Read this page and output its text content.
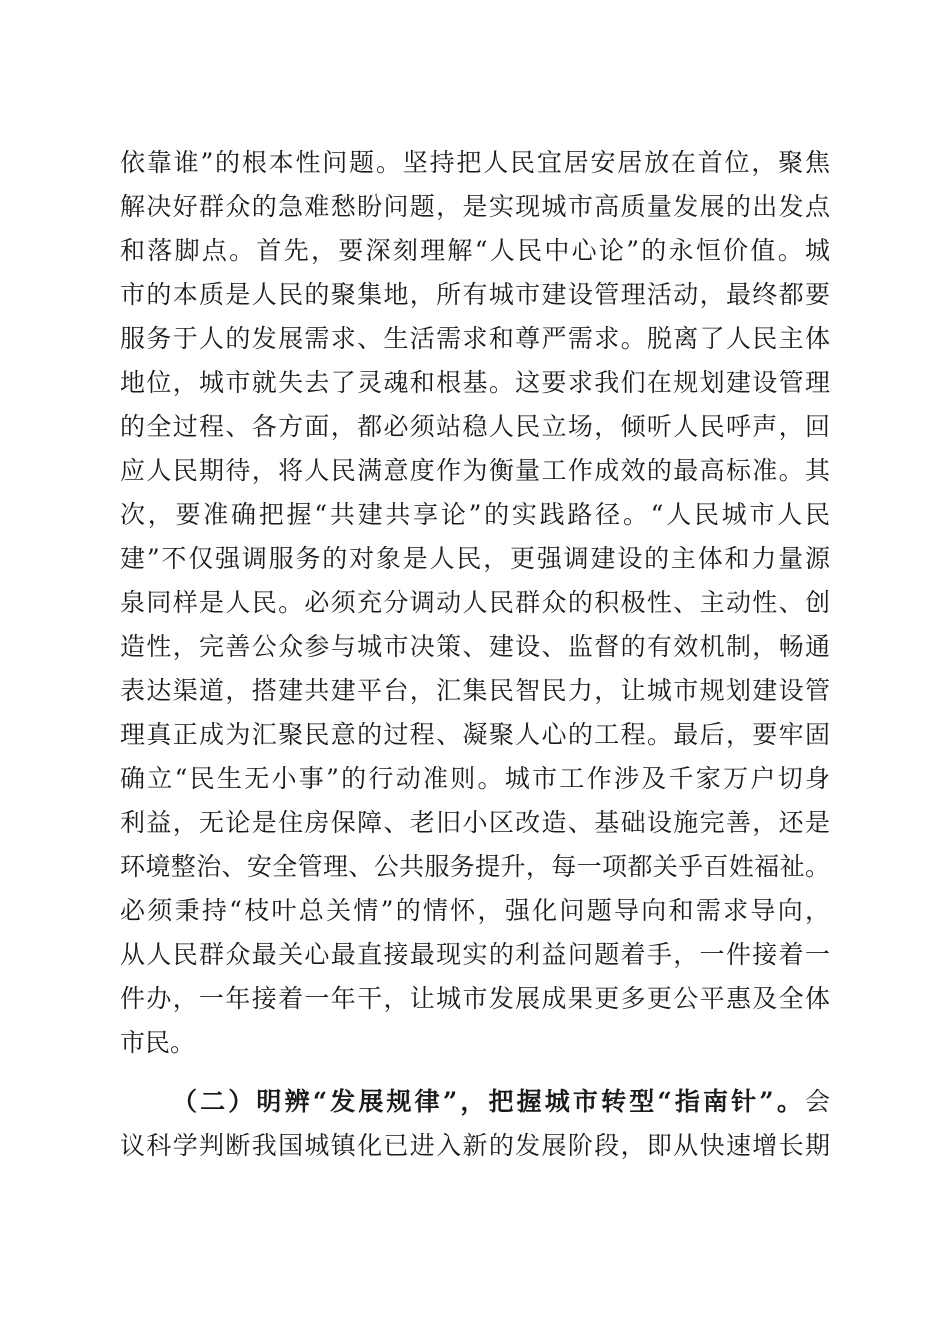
依靠谁”的根本性问题。坚持把人民宜居安居放在首位，聚焦
解决好群众的急难愁盼问题，是实现城市高质量发展的出发点
和落脚点。首先，要深刻理解“人民中心论”的永恒价值。城
市的本质是人民的聚集地，所有城市建设管理活动，最终都要
服务于人的发展需求、生活需求和尊严需求。脱离了人民主体
地位，城市就失去了灵魂和根基。这要求我们在规划建设管理
的全过程、各方面，都必须站稳人民立场，倾听人民呼声，回
应人民期待，将人民满意度作为衡量工作成效的最高标准。其
次，要准确把握“共建共享论”的实践路径。“人民城市人民
建”不仅强调服务的对象是人民，更强调建设的主体和力量源
泉同样是人民。必须充分调动人民群众的积极性、主动性、创
造性，完善公众参与城市决策、建设、监督的有效机制，畅通
表达渠道，搭建共建平台，汇集民智民力，让城市规划建设管
理真正成为汇聚民意的过程、凝聚人心的工程。最后，要牢固
确立“民生无小事”的行动准则。城市工作涉及千家万户切身
利益，无论是住房保障、老旧小区改造、基础设施完善，还是
环境整治、安全管理、公共服务提升，每一项都关乎百姓福祉。
必须秉持“枝叶总关情”的情怀，强化问题导向和需求导向，
从人民群众最关心最直接最现实的利益问题着手，一件接着一
件办，一年接着一年干，让城市发展成果更多更公平惠及全体
市民。
（二）明辨“发展规律”，把握城市转型“指南针”。会
议科学判断我国城镇化已进入新的发展阶段，即从快速增长期
